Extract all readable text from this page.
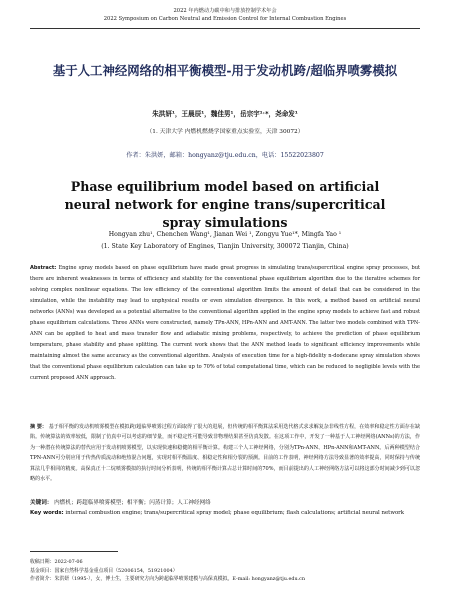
2022 年内燃动力碳中和与排放控制学术年会
2022 Symposium on Carbon Neutral and Emission Control for Internal Combustion Engines
基于人工神经网络的相平衡模型-用于发动机跨/超临界喷雾模拟
朱洪妍¹，王晨辰¹，魏佳男¹，岳宗宇¹˒*，尧命发¹
（1. 天津大学 内燃机燃烧学国家重点实验室，天津 30072）
作者：朱洪妍，邮箱：hongyanz@tju.edu.cn，电话：15522023807
Phase equilibrium model based on artificial neural network for engine trans/supercritical spray simulations
Hongyan zhu¹, Chenchen Wang¹, Jianan Wei ¹, Zongyu Yue¹*, Mingfa Yao ¹
(1. State Key Laboratory of Engines, Tianjin University, 300072 Tianjin, China)
Abstract: Engine spray models based on phase equilibrium have made great progress in simulating trans/supercritical engine spray processes, but there are inherent weaknesses in terms of efficiency and stability for the conventional phase equilibrium algorithm due to the iterative schemes for solving complex nonlinear equations. The low efficiency of the conventional algorithm limits the amount of detail that can be considered in the simulation, while the instability may lead to unphysical results or even simulation divergence. In this work, a method based on artificial neural networks (ANNs) was developed as a potential alternative to the conventional algorithm applied in the engine spray models to achieve fast and robust phase equilibrium calculations. Three ANNs were constructed, namely TPn-ANN, HPn-ANN and AMT-ANN. The latter two models combined with TPN-ANN can be applied to heat and mass transfer flow and adiabatic mixing problems, respectively, to achieve the prediction of phase equilibrium temperature, phase stability and phase splitting. The current work shows that the ANN method leads to significant efficiency improvements while maintaining almost the same accuracy as the conventional algorithm. Analysis of execution time for a high-fidelity n-dodecane spray simulation shows that the conventional phase equilibrium calculation can take up to 70% of total computational time, which can be reduced to negligible levels with the current proposed ANN approach.
摘 要： 基于相平衡的发动机喷雾模型在模拟跨/超临界喷雾过程方面取得了很大的进展，但传统的相平衡算法采用迭代格式求求解复杂非线性方程，在效率和稳定性方面存在缺陷。传统算法的效率较低，限制了仿真中可以考虑的细节量，而不稳定性可能导致非物理结果甚至仿真发散。在这项工作中，开发了一种基于人工神经网络(ANNs)的方法，作为一种潜在传统算法的替代应用于发动机喷雾模型，以实现快速和稳健的相平衡计算。构建三个人工神经网络，分别为TPn-ANN、HPn-ANN和AMT-ANN。后两种模型结合TPN-ANN可分别应用于传热传质流动和绝热混合问题，实现对相平衡温度、相稳定性和相分裂的预测。目前的工作表明，神经网络方法导致显著的效率提高，同时保持与传统算法几乎相同的精度。高保真正十二烷喷雾模拟的执行时间分析表明，传统的相平衡计算占总计算时间的70%，而目前提出的人工神经网络方法可以将这部分时间减少到可以忽略的水平。
关键词： 内燃机；跨超临界喷雾模型；相平衡；闪蒸计算；人工神经网络
Key words: internal combustion engine; trans/supercritical spray model; phase equilibrium; flash calculations; artificial neural network
收稿日期：2022-07-06
基金项目：国家自然科学基金重点项目（52006154，51921004）
作者简介：朱洪妍（1995-），女，博士生，主要研究方向为跨超临界喷雾建模与高保真模拟。E-mail: hongyanz@tju.edu.cn
